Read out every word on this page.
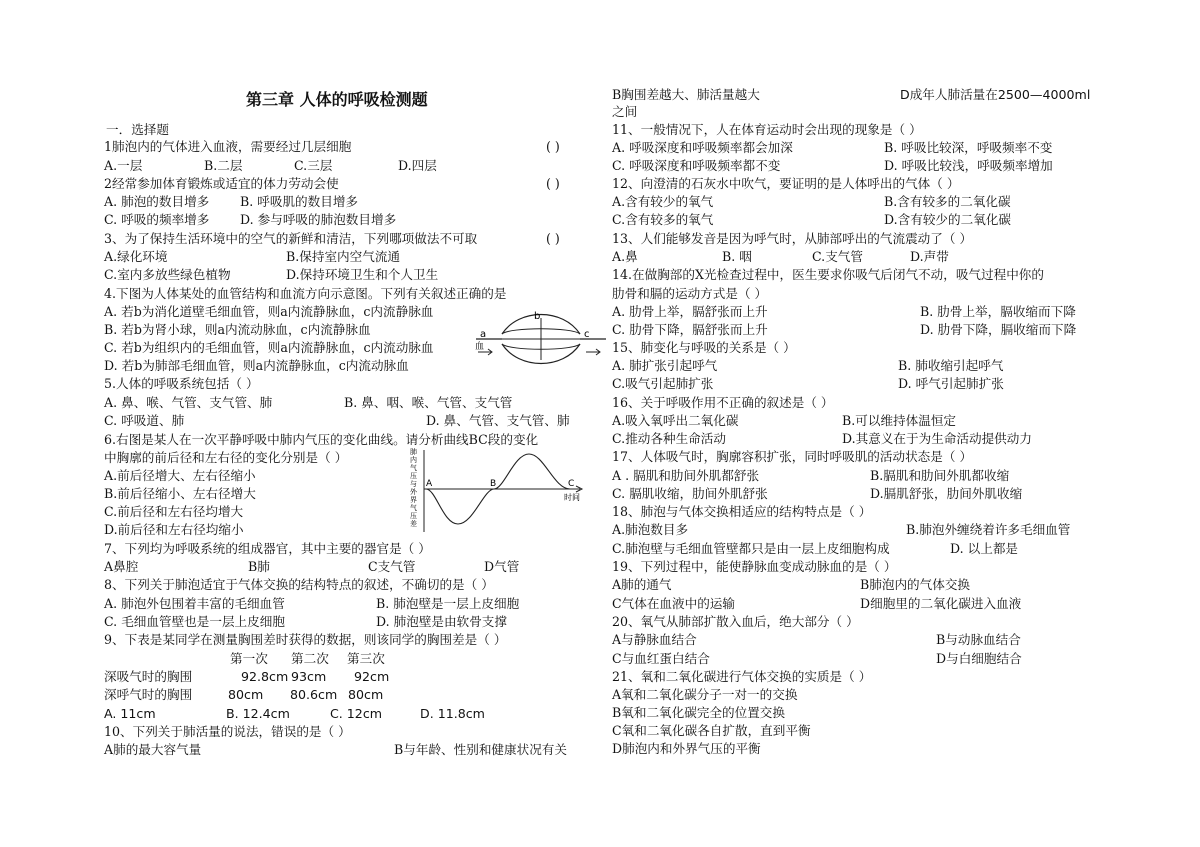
第三章 人体的呼吸检测题
一．选择题
1肺泡内的气体进入血液，需要经过几层细胞	( )
A.一层	B.二层	C.三层	D.四层
2经常参加体育锻炼或适宜的体力劳动会使	( )
A. 肺泡的数目增多 B. 呼吸肌的数目增多
C. 呼吸的频率增多 D. 参与呼吸的肺泡数目增多
3、为了保持生活环境中的空气的新鲜和清洁，下列哪项做法不可取	( )
A.绿化环境	B.保持室内空气流通
C.室内多放些绿色植物	D.保持环境卫生和个人卫生
4.下图为人体某处的血管结构和血流方向示意图。下列有关叙述正确的是
A. 若b为消化道壁毛细血管，则a内流静脉血，c内流静脉血
B. 若b为肾小球，则a内流动脉血，c内流静脉血
C. 若b为组织内的毛细血管，则a内流静脉血，c内流动脉血
D. 若b为肺部毛细血管，则a内流静脉血，c内流动脉血
a
b
c
血
5.人体的呼吸系统包括（ ）
A. 鼻、喉、气管、支气管、肺	B. 鼻、咽、喉、气管、支气管
C. 呼吸道、肺	D. 鼻、气管、支气管、肺
6.右图是某人在一次平静呼吸中肺内气压的变化曲线。请分析曲线BC段的变化
中胸廓的前后径和左右径的变化分别是（ ）
A.前后径增大、左右径缩小
B.前后径缩小、左右径增大
C.前后径和左右径均增大
D.前后径和左右径均缩小
肺
内
气
压
与
外
界
气
压
差
A	B	C
时间
7、下列均为呼吸系统的组成器官，其中主要的器官是（ ）
A鼻腔	B肺	C支气管	D气管
8、下列关于肺泡适宜于气体交换的结构特点的叙述，不确切的是（ ）
A. 肺泡外包围着丰富的毛细血管	B. 肺泡壁是一层上皮细胞
C. 毛细血管壁也是一层上皮细胞	D. 肺泡壁是由软骨支撑
9、下表是某同学在测量胸围差时获得的数据，则该同学的胸围差是（ ）
第一次 第二次 第三次
深吸气时的胸围	92.8cm 93cm 92cm
深呼气时的胸围	80cm 80.6cm 80cm
A. 11cm	B. 12.4cm	C. 12cm	D. 11.8cm
10、下列关于肺活量的说法，错误的是（ ）
A肺的最大容气量	B与年龄、性别和健康状况有关
B胸围差越大、肺活量越大	D成年人肺活量在2500—4000ml
之间
11、一般情况下，人在体育运动时会出现的现象是（ ）
A. 呼吸深度和呼吸频率都会加深	B. 呼吸比较深，呼吸频率不变
C. 呼吸深度和呼吸频率都不变	D. 呼吸比较浅，呼吸频率增加
12、向澄清的石灰水中吹气，要证明的是人体呼出的气体（ ）
A.含有较少的氧气	B.含有较多的二氧化碳
C.含有较多的氧气	D.含有较少的二氧化碳
13、人们能够发音是因为呼气时，从肺部呼出的气流震动了（ ）
A.鼻	B. 咽	C.支气管	D.声带
14.在做胸部的X光检查过程中，医生要求你吸气后闭气不动，吸气过程中你的
肋骨和膈的运动方式是（ ）
A. 肋骨上举，膈舒张而上升	B. 肋骨上举，膈收缩而下降
C. 肋骨下降，膈舒张而上升	D. 肋骨下降，膈收缩而下降
15、肺变化与呼吸的关系是（ ）
A. 肺扩张引起呼气	B. 肺收缩引起呼气
C.吸气引起肺扩张	D. 呼气引起肺扩张
16、关于呼吸作用不正确的叙述是（ ）
A.吸入氧呼出二氧化碳	B.可以维持体温恒定
C.推动各种生命活动	D.其意义在于为生命活动提供动力
17、人体吸气时，胸廓容积扩张，同时呼吸肌的活动状态是（ ）
A . 膈肌和肋间外肌都舒张	B.膈肌和肋间外肌都收缩
C. 膈肌收缩，肋间外肌舒张	D.膈肌舒张，肋间外肌收缩
18、肺泡与气体交换相适应的结构特点是（ ）
A.肺泡数目多	B.肺泡外缠绕着许多毛细血管
C.肺泡壁与毛细血管壁都只是由一层上皮细胞构成	D. 以上都是
19、下列过程中，能使静脉血变成动脉血的是（ ）
A肺的通气	B肺泡内的气体交换
C气体在血液中的运输	D细胞里的二氧化碳进入血液
20、氧气从肺部扩散入血后，绝大部分（ ）
A与静脉血结合	B与动脉血结合
C与血红蛋白结合	D与白细胞结合
21、氧和二氧化碳进行气体交换的实质是（ ）
A氧和二氧化碳分子一对一的交换
B氧和二氧化碳完全的位置交换
C氧和二氧化碳各自扩散，直到平衡
D肺泡内和外界气压的平衡
